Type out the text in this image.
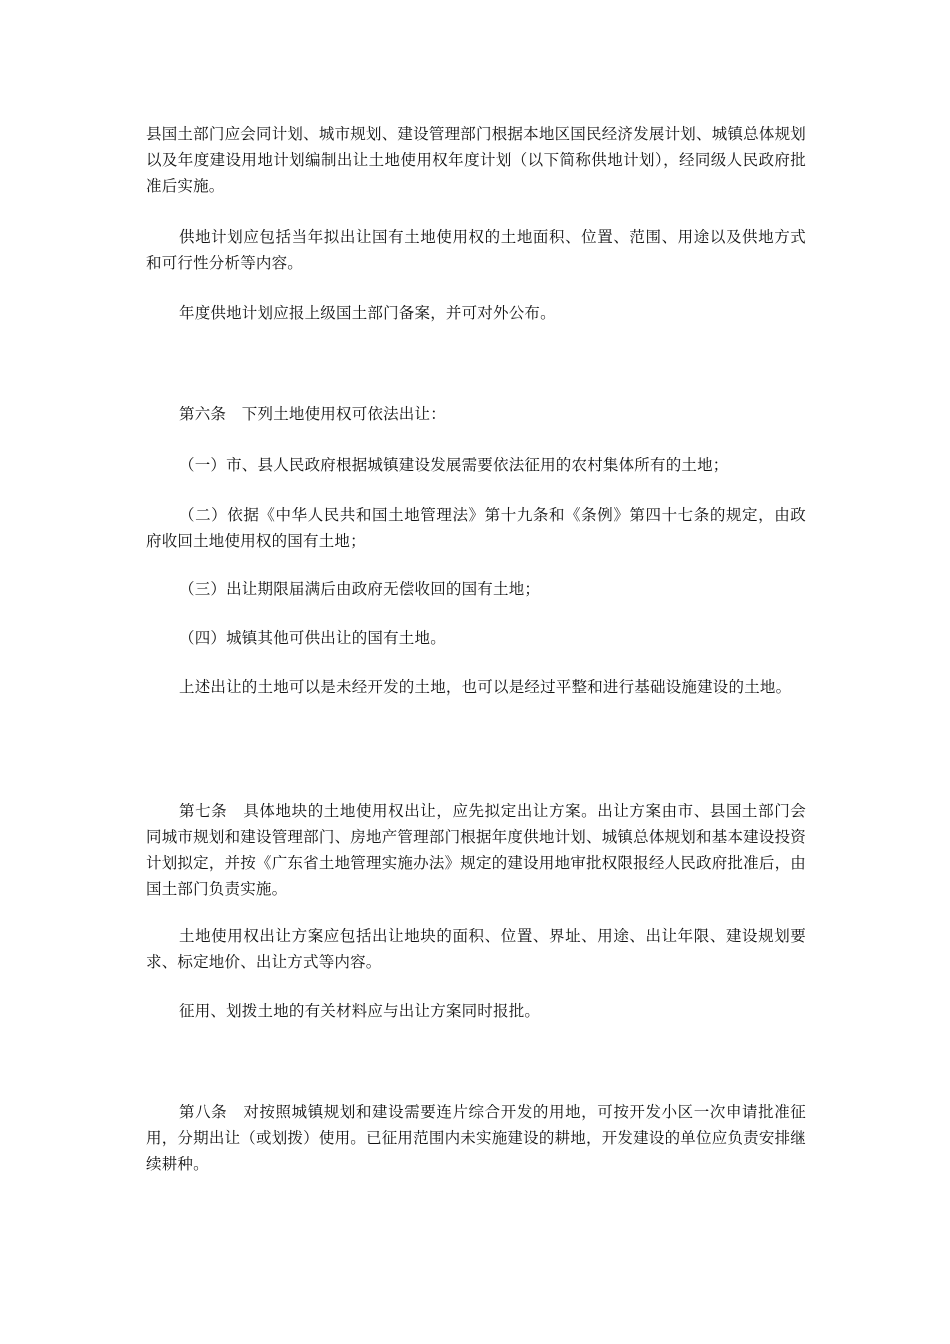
县国土部门应会同计划、城市规划、建设管理部门根据本地区国民经济发展计划、城镇总体规划以及年度建设用地计划编制出让土地使用权年度计划（以下简称供地计划），经同级人民政府批准后实施。

供地计划应包括当年拟出让国有土地使用权的土地面积、位置、范围、用途以及供地方式和可行性分析等内容。

年度供地计划应报上级国土部门备案，并可对外公布。

第六条　下列土地使用权可依法出让：

（一）市、县人民政府根据城镇建设发展需要依法征用的农村集体所有的土地；

（二）依据《中华人民共和国土地管理法》第十九条和《条例》第四十七条的规定，由政府收回土地使用权的国有土地；

（三）出让期限届满后由政府无偿收回的国有土地；

（四）城镇其他可供出让的国有土地。

上述出让的土地可以是未经开发的土地，也可以是经过平整和进行基础设施建设的土地。

第七条　具体地块的土地使用权出让，应先拟定出让方案。出让方案由市、县国土部门会同城市规划和建设管理部门、房地产管理部门根据年度供地计划、城镇总体规划和基本建设投资计划拟定，并按《广东省土地管理实施办法》规定的建设用地审批权限报经人民政府批准后，由国土部门负责实施。

土地使用权出让方案应包括出让地块的面积、位置、界址、用途、出让年限、建设规划要求、标定地价、出让方式等内容。

征用、划拨土地的有关材料应与出让方案同时报批。

第八条　对按照城镇规划和建设需要连片综合开发的用地，可按开发小区一次申请批准征用，分期出让（或划拨）使用。已征用范围内未实施建设的耕地，开发建设的单位应负责安排继续耕种。
